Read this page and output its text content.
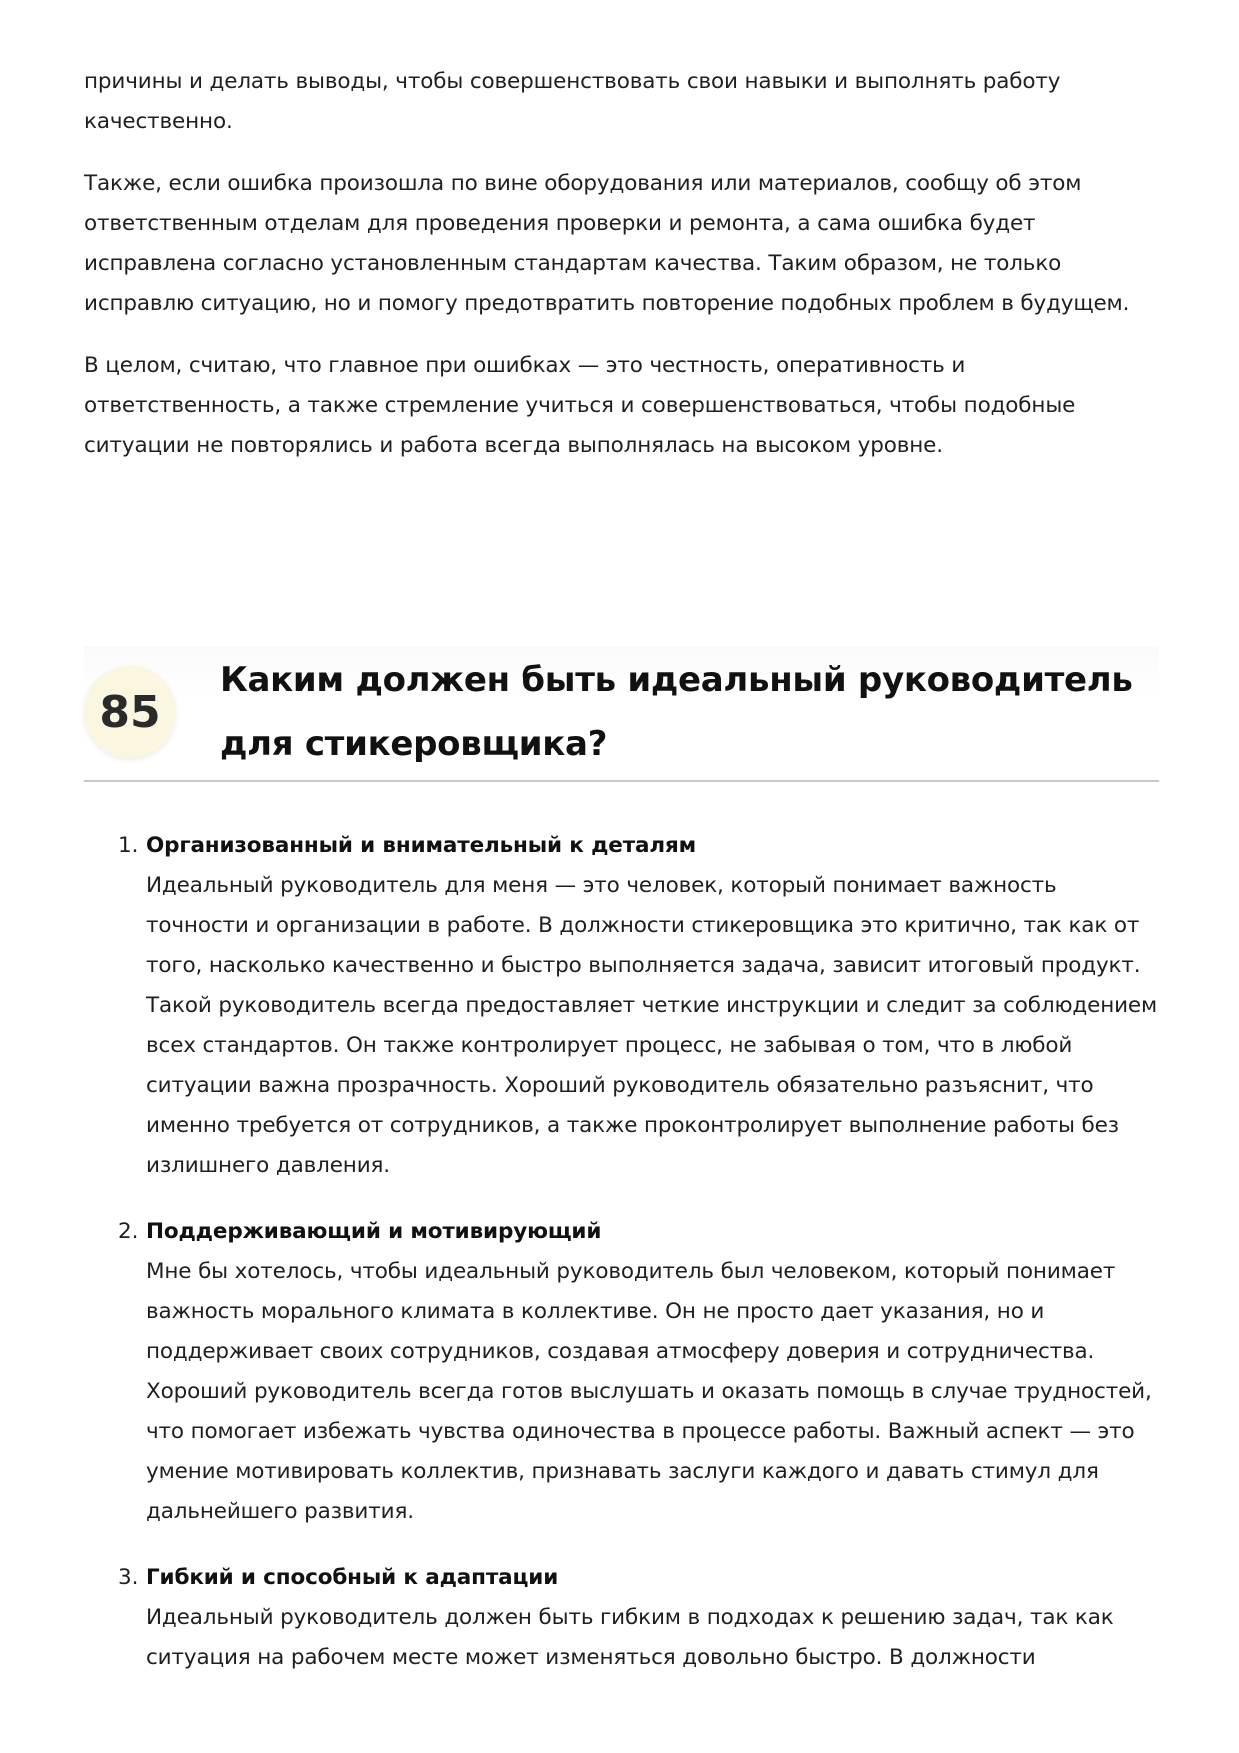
причины и делать выводы, чтобы совершенствовать свои навыки и выполнять работу качественно.

Также, если ошибка произошла по вине оборудования или материалов, сообщу об этом ответственным отделам для проведения проверки и ремонта, а сама ошибка будет исправлена согласно установленным стандартам качества. Таким образом, не только исправлю ситуацию, но и помогу предотвратить повторение подобных проблем в будущем.

В целом, считаю, что главное при ошибках — это честность, оперативность и ответственность, а также стремление учиться и совершенствоваться, чтобы подобные ситуации не повторялись и работа всегда выполнялась на высоком уровне.

85
Каким должен быть идеальный руководитель для стикеровщика?
1. Организованный и внимательный к деталям

Идеальный руководитель для меня — это человек, который понимает важность точности и организации в работе. В должности стикеровщика это критично, так как от того, насколько качественно и быстро выполняется задача, зависит итоговый продукт. Такой руководитель всегда предоставляет четкие инструкции и следит за соблюдением всех стандартов. Он также контролирует процесс, не забывая о том, что в любой ситуации важна прозрачность. Хороший руководитель обязательно разъяснит, что именно требуется от сотрудников, а также проконтролирует выполнение работы без излишнего давления.

2. Поддерживающий и мотивирующий

Мне бы хотелось, чтобы идеальный руководитель был человеком, который понимает важность морального климата в коллективе. Он не просто дает указания, но и поддерживает своих сотрудников, создавая атмосферу доверия и сотрудничества. Хороший руководитель всегда готов выслушать и оказать помощь в случае трудностей, что помогает избежать чувства одиночества в процессе работы. Важный аспект — это умение мотивировать коллектив, признавать заслуги каждого и давать стимул для дальнейшего развития.

3. Гибкий и способный к адаптации

Идеальный руководитель должен быть гибким в подходах к решению задач, так как ситуация на рабочем месте может изменяться довольно быстро. В должности
